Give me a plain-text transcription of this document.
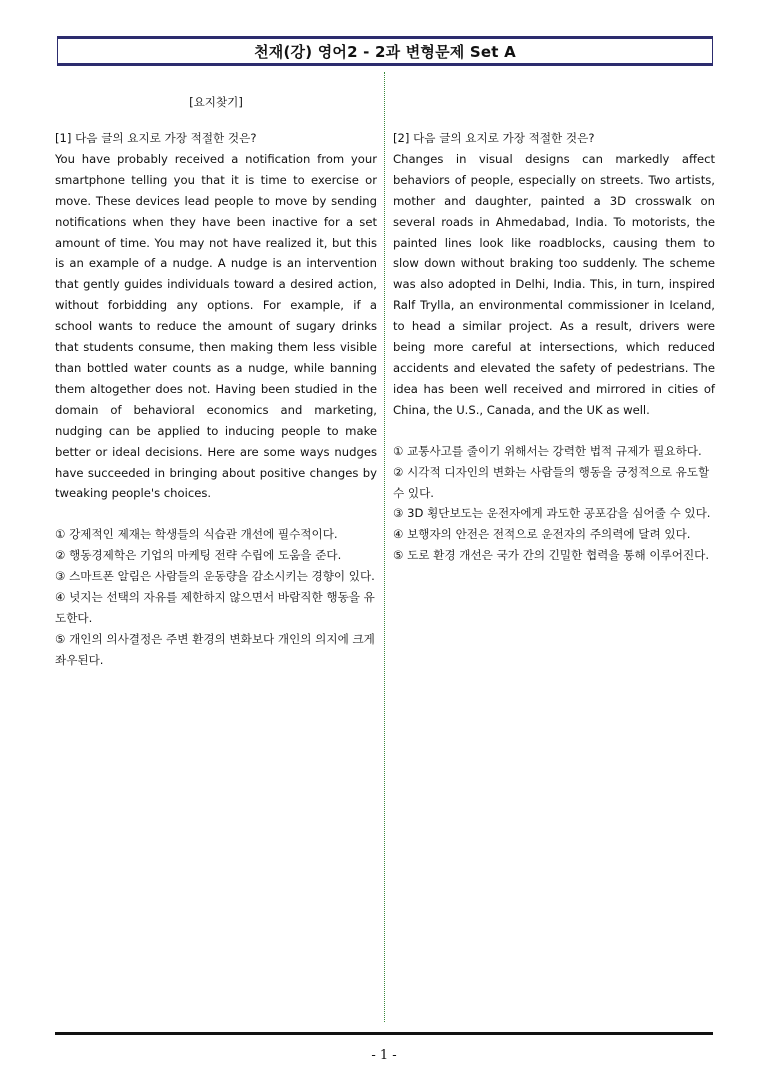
천재(강) 영어2 - 2과 변형문제 Set A
[요지찾기]

[1] 다음 글의 요지로 가장 적절한 것은?

You have probably received a notification from your smartphone telling you that it is time to exercise or move. These devices lead people to move by sending notifications when they have been inactive for a set amount of time. You may not have realized it, but this is an example of a nudge. A nudge is an intervention that gently guides individuals toward a desired action, without forbidding any options. For example, if a school wants to reduce the amount of sugary drinks that students consume, then making them less visible than bottled water counts as a nudge, while banning them altogether does not. Having been studied in the domain of behavioral economics and marketing, nudging can be applied to inducing people to make better or ideal decisions. Here are some ways nudges have succeeded in bringing about positive changes by tweaking people's choices.

① 강제적인 제재는 학생들의 식습관 개선에 필수적이다.

② 행동경제학은 기업의 마케팅 전략 수립에 도움을 준다.

③ 스마트폰 알림은 사람들의 운동량을 감소시키는 경향이 있다.

④ 넛지는 선택의 자유를 제한하지 않으면서 바람직한 행동을 유도한다.

⑤ 개인의 의사결정은 주변 환경의 변화보다 개인의 의지에 크게 좌우된다.

[2] 다음 글의 요지로 가장 적절한 것은?

Changes in visual designs can markedly affect behaviors of people, especially on streets. Two artists, mother and daughter, painted a 3D crosswalk on several roads in Ahmedabad, India. To motorists, the painted lines look like roadblocks, causing them to slow down without braking too suddenly. The scheme was also adopted in Delhi, India. This, in turn, inspired Ralf Trylla, an environmental commissioner in Iceland, to head a similar project. As a result, drivers were being more careful at intersections, which reduced accidents and elevated the safety of pedestrians. The idea has been well received and mirrored in cities of China, the U.S., Canada, and the UK as well.

① 교통사고를 줄이기 위해서는 강력한 법적 규제가 필요하다.

② 시각적 디자인의 변화는 사람들의 행동을 긍정적으로 유도할 수 있다.

③ 3D 횡단보도는 운전자에게 과도한 공포감을 심어줄 수 있다.

④ 보행자의 안전은 전적으로 운전자의 주의력에 달려 있다.

⑤ 도로 환경 개선은 국가 간의 긴밀한 협력을 통해 이루어진다.

- 1 -
